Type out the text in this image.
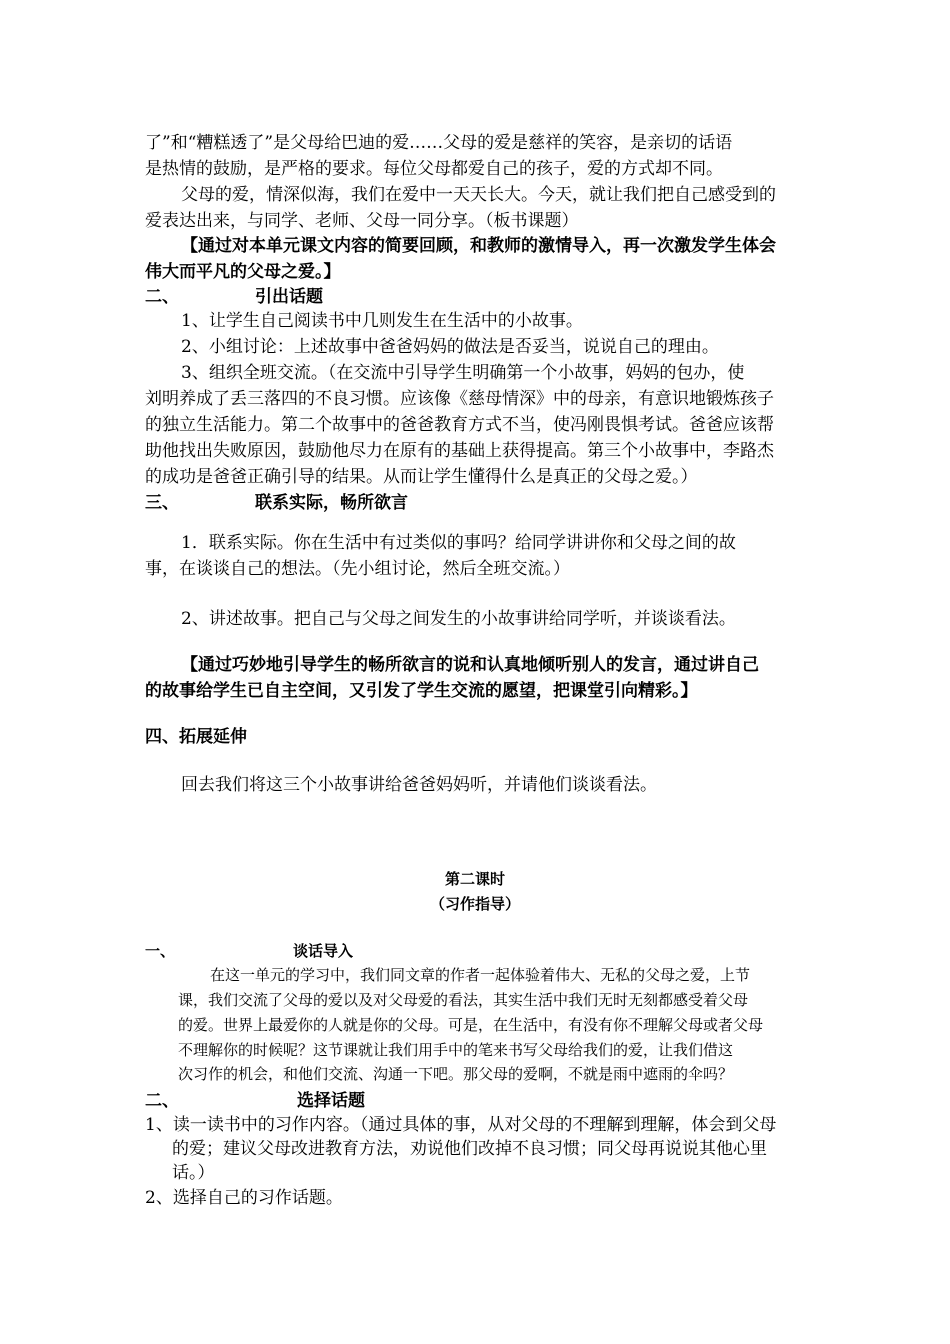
了”和“糟糕透了”是父母给巴迪的爱……父母的爱是慈祥的笑容，是亲切的话语

是热情的鼓励，是严格的要求。每位父母都爱自己的孩子，爱的方式却不同。

父母的爱，情深似海，我们在爱中一天天长大。今天，就让我们把自己感受到的

爱表达出来，与同学、老师、父母一同分享。（板书课题）

【通过对本单元课文内容的简要回顾，和教师的激情导入，再一次激发学生体会

伟大而平凡的父母之爱。】

二、	引出话题

1、让学生自己阅读书中几则发生在生活中的小故事。

2、小组讨论：上述故事中爸爸妈妈的做法是否妥当，说说自己的理由。

3、组织全班交流。（在交流中引导学生明确第一个小故事，妈妈的包办，使

刘明养成了丢三落四的不良习惯。应该像《慈母情深》中的母亲，有意识地锻炼孩子

的独立生活能力。第二个故事中的爸爸教育方式不当，使冯刚畏惧考试。爸爸应该帮

助他找出失败原因，鼓励他尽力在原有的基础上获得提高。第三个小故事中，李路杰

的成功是爸爸正确引导的结果。从而让学生懂得什么是真正的父母之爱。）

三、	联系实际，畅所欲言

1．联系实际。你在生活中有过类似的事吗？给同学讲讲你和父母之间的故

事，在谈谈自己的想法。（先小组讨论，然后全班交流。）

2、讲述故事。把自己与父母之间发生的小故事讲给同学听，并谈谈看法。

【通过巧妙地引导学生的畅所欲言的说和认真地倾听别人的发言，通过讲自己

的故事给学生已自主空间，又引发了学生交流的愿望，把课堂引向精彩。】

四、拓展延伸

回去我们将这三个小故事讲给爸爸妈妈听，并请他们谈谈看法。

第二课时

（习作指导）

一、	谈话导入

在这一单元的学习中，我们同文章的作者一起体验着伟大、无私的父母之爱，上节

课，我们交流了父母的爱以及对父母爱的看法，其实生活中我们无时无刻都感受着父母

的爱。世界上最爱你的人就是你的父母。可是，在生活中，有没有你不理解父母或者父母

不理解你的时候呢？这节课就让我们用手中的笔来书写父母给我们的爱，让我们借这

次习作的机会，和他们交流、沟通一下吧。那父母的爱啊，不就是雨中遮雨的伞吗？

二、	选择话题

1、读一读书中的习作内容。（通过具体的事，从对父母的不理解到理解，体会到父母

的爱；建议父母改进教育方法，劝说他们改掉不良习惯；同父母再说说其他心里

话。）

2、选择自己的习作话题。
